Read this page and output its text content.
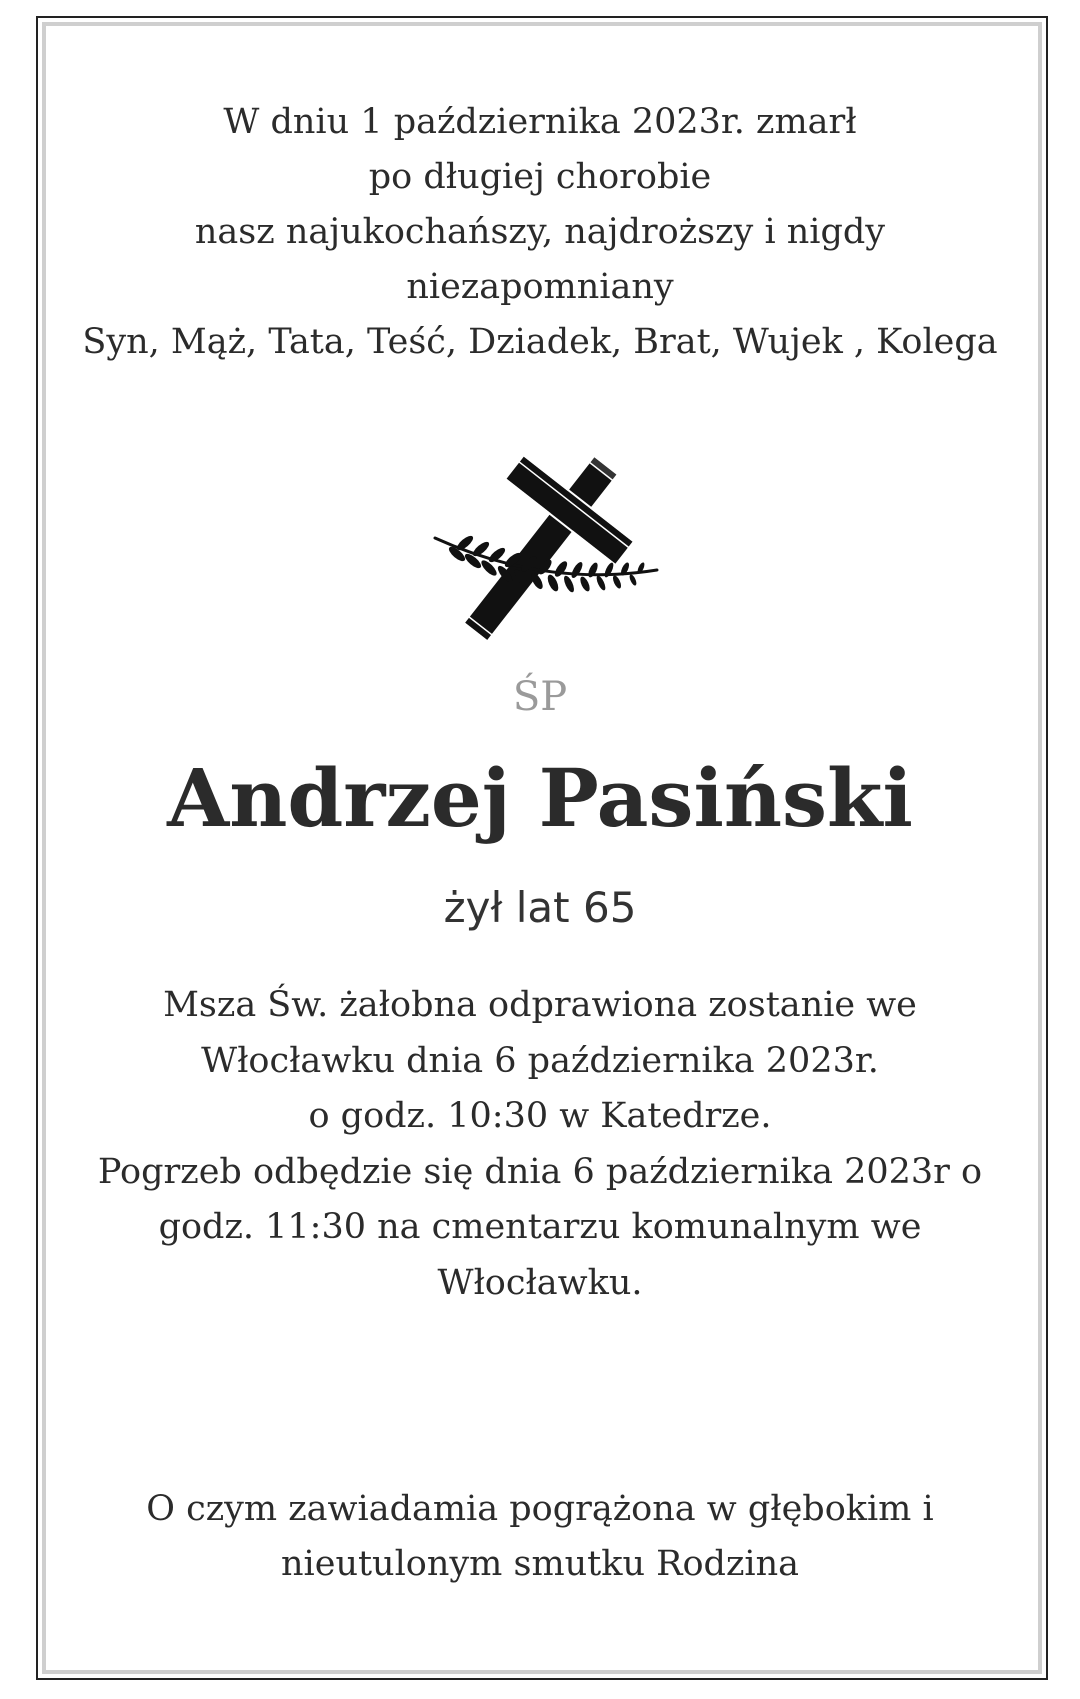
W dniu 1 października 2023r. zmarł
po długiej chorobie
nasz najukochańszy, najdroższy i nigdy
niezapomniany
Syn, Mąż, Tata, Teść, Dziadek, Brat, Wujek , Kolega
ŚP
Andrzej Pasiński
żył lat 65
Msza Św. żałobna odprawiona zostanie we
Włocławku dnia 6 października 2023r.
o godz. 10:30 w Katedrze.
Pogrzeb odbędzie się dnia 6 października 2023r o
godz. 11:30 na cmentarzu komunalnym we
Włocławku.
O czym zawiadamia pogrążona w głębokim i
nieutulonym smutku Rodzina
